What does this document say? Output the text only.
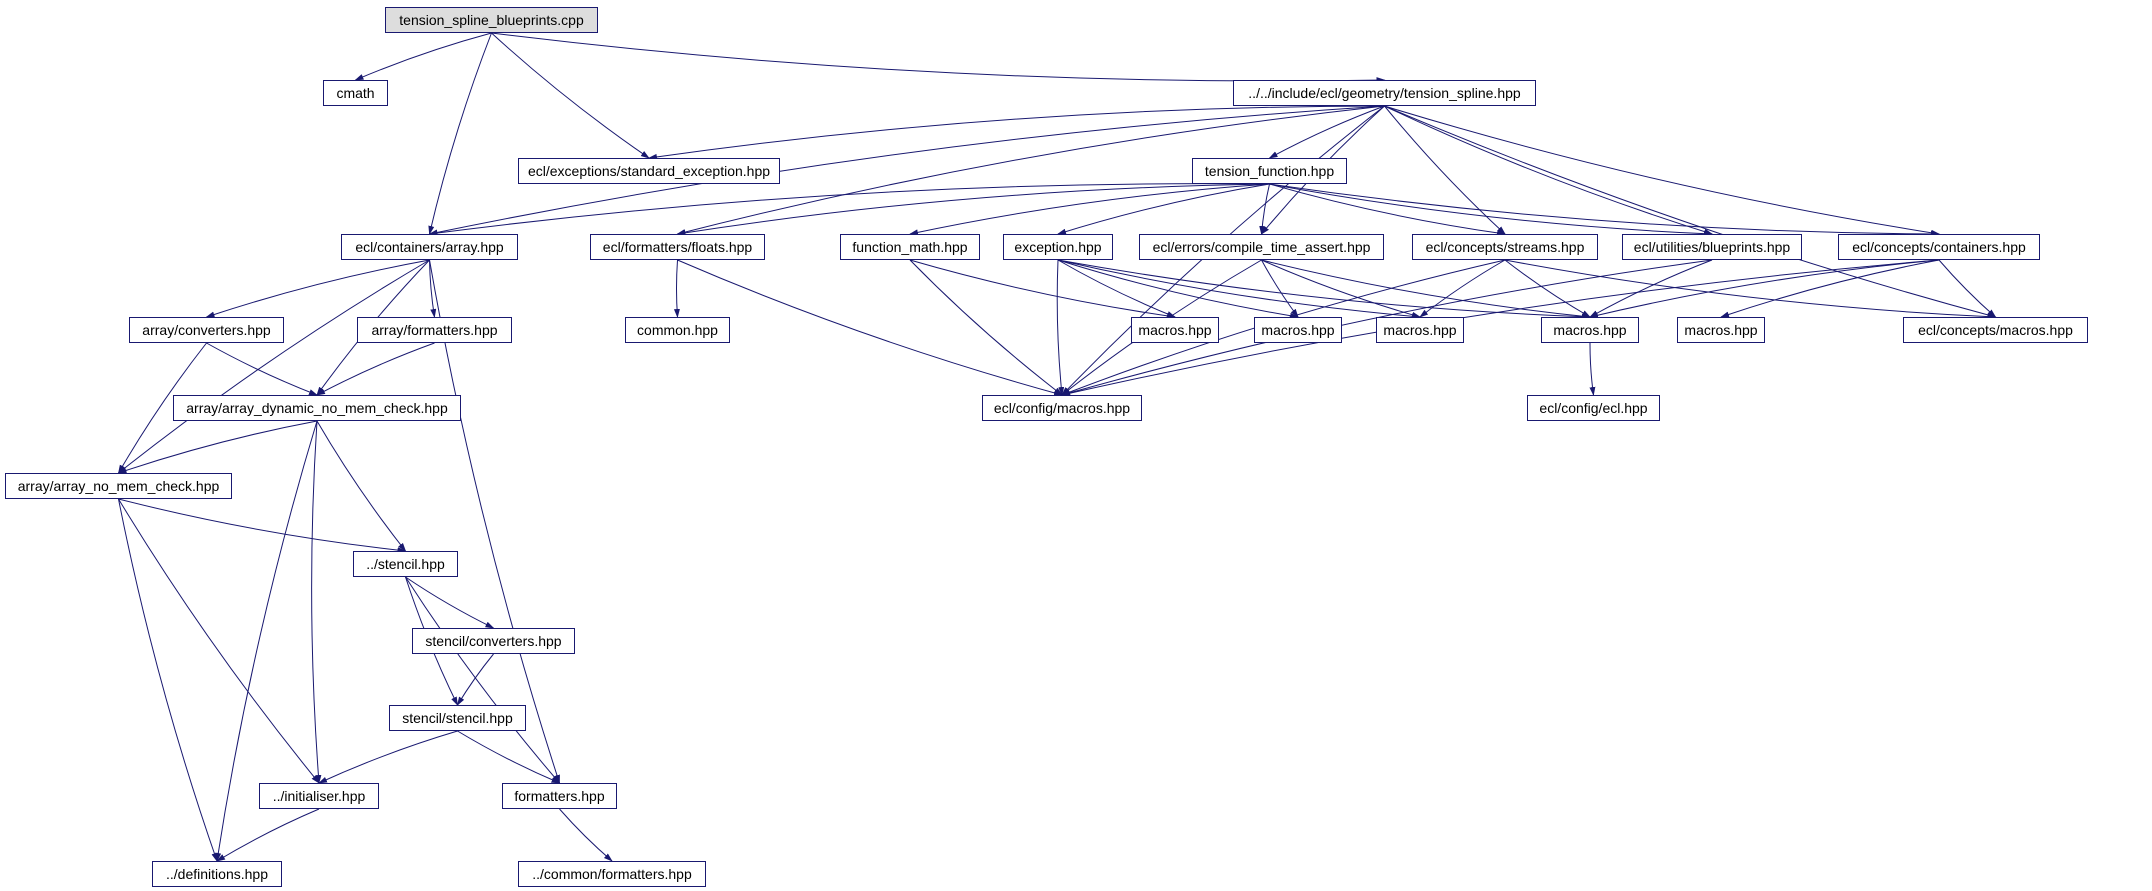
tension_spline_blueprints.cpp
cmath	../../include/ecl/geometry/tension_spline.hpp
ecl/exceptions/standard_exception.hpp	tension_function.hpp
ecl/containers/array.hpp	ecl/formatters/floats.hpp	function_math.hpp	exception.hpp	ecl/errors/compile_time_assert.hpp	ecl/concepts/streams.hpp	ecl/utilities/blueprints.hpp	ecl/concepts/containers.hpp
array/converters.hpp	array/formatters.hpp	macros.hpp	macros.hpp	macros.hpp	macros.hpp	macros.hpp	ecl/concepts/macros.hpp
common.hpp
array/array_dynamic_no_mem_check.hpp	ecl/config/macros.hpp	ecl/config/ecl.hpp
array/array_no_mem_check.hpp
../stencil.hpp
stencil/converters.hpp
stencil/stencil.hpp
../initialiser.hpp	formatters.hpp
../definitions.hpp	../common/formatters.hpp
